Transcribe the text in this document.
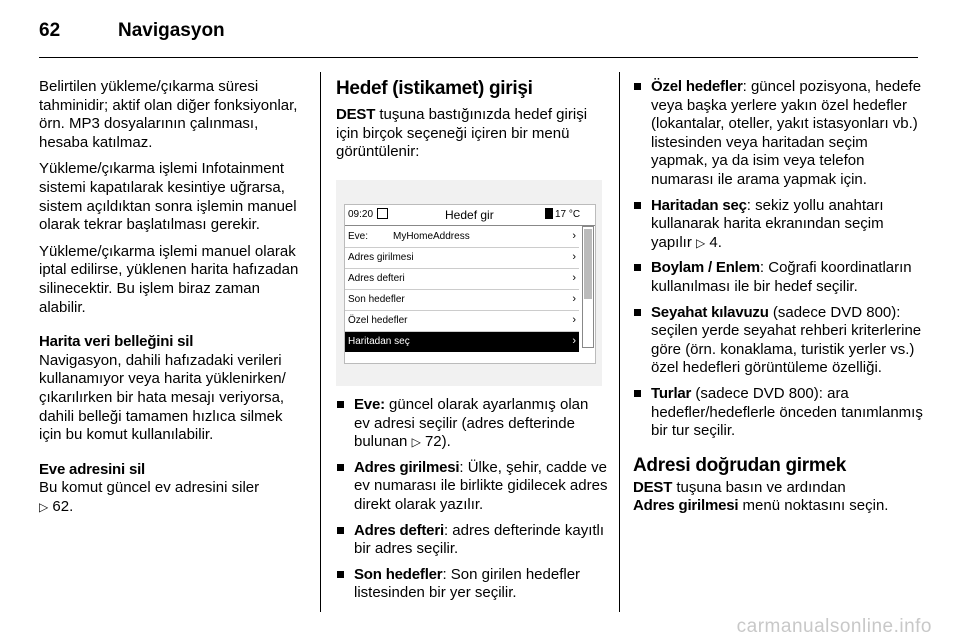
62	Navigasyon

Belirtilen yükleme/çıkarma süresi tahminidir; aktif olan diğer fonksiyonlar, örn. MP3 dosyalarının çalınması, hesaba katılmaz.

Yükleme/çıkarma işlemi Infotainment sistemi kapatılarak kesintiye uğrarsa, sistem açıldıktan sonra işlemin manuel olarak tekrar başlatılması gerekir.

Yükleme/çıkarma işlemi manuel olarak iptal edilirse, yüklenen harita hafızadan silinecektir. Bu işlem biraz zaman alabilir.

Harita veri belleğini sil

Navigasyon, dahili hafızadaki verileri kullanamıyor veya harita yüklenirken/çıkarılırken bir hata mesajı veriyorsa, dahili belleği tamamen hızlıca silmek için bu komut kullanılabilir.

Eve adresini sil

Bu komut güncel ev adresini siler
▷ 62.

Hedef (istikamet) girişi

DEST tuşuna bastığınızda hedef girişi için birçok seçeneği içiren bir menü görüntülenir:

09:20	Hedef gir	17 °C
Eve: MyHomeAddress	›
Adres girilmesi	›
Adres defteri	›
Son hedefler	›
Özel hedefler	›
Haritadan seç	›
Eve: güncel olarak ayarlanmış olan ev adresi seçilir (adres defterinde bulunan ▷ 72).
Adres girilmesi: Ülke, şehir, cadde ve ev numarası ile birlikte gidilecek adres direkt olarak yazılır.
Adres defteri: adres defterinde kayıtlı bir adres seçilir.
Son hedefler: Son girilen hedefler listesinden bir yer seçilir.
Özel hedefler: güncel pozisyona, hedefe veya başka yerlere yakın özel hedefler (lokantalar, oteller, yakıt istasyonları vb.) listesinden veya haritadan seçim yapmak, ya da isim veya telefon numarası ile arama yapmak için.
Haritadan seç: sekiz yollu anahtarı kullanarak harita ekranından seçim yapılır ▷ 4.
Boylam / Enlem: Coğrafi koordinatların kullanılması ile bir hedef seçilir.
Seyahat kılavuzu (sadece DVD 800): seçilen yerde seyahat rehberi kriterlerine göre (örn. konaklama, turistik yerler vs.) özel hedefleri görüntüleme özelliği.
Turlar (sadece DVD 800): ara hedefler/hedeflerle önceden tanımlanmış bir tur seçilir.
Adresi doğrudan girmek

DEST tuşuna basın ve ardından
Adres girilmesi menü noktasını seçin.

carmanualsonline.info
